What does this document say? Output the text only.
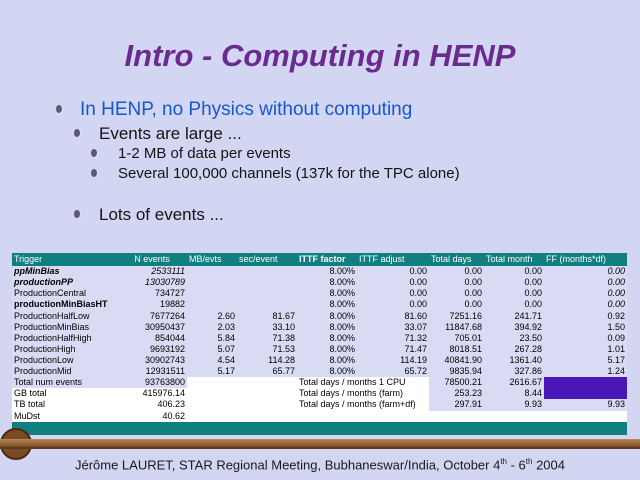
Intro - Computing in HENP
In HENP, no Physics without computing
Events are large ...
1-2 MB of data per events
Several 100,000 channels (137k for the TPC alone)
Lots of events ...
Trigger	N events	MB/evts	sec/event	ITTF factor	ITTF adjust	Total days	Total month	FF (months*df)
ppMinBias	2533111			8.00%	0.00	0.00	0.00	0.00
productionPP	13030789			8.00%	0.00	0.00	0.00	0.00
ProductionCentral	734727			8.00%	0.00	0.00	0.00	0.00
productionMinBiasHT	19882			8.00%	0.00	0.00	0.00	0.00
ProductionHalfLow	7677264	2.60	81.67	8.00%	81.60	7251.16	241.71	0.92
ProductionMinBias	30950437	2.03	33.10	8.00%	33.07	11847.68	394.92	1.50
ProductionHalfHigh	854044	5.84	71.38	8.00%	71.32	705.01	23.50	0.09
ProductionHigh	9693192	5.07	71.53	8.00%	71.47	8018.51	267.28	1.01
ProductionLow	30902743	4.54	114.28	8.00%	114.19	40841.90	1361.40	5.17
ProductionMid	12931511	5.17	65.77	8.00%	65.72	9835.94	327.86	1.24
Total num events	93763800			Total days / months 1 CPU		78500.21	2616.67	
GB total	415976.14			Total days / months (farm)		253.23	8.44	
TB total	406.23			Total days / months (farm+df)		297.91	9.93	9.93
MuDst	40.62							

Jérôme LAURET, STAR Regional Meeting, Bubhaneswar/India, October 4th - 6th 2004
